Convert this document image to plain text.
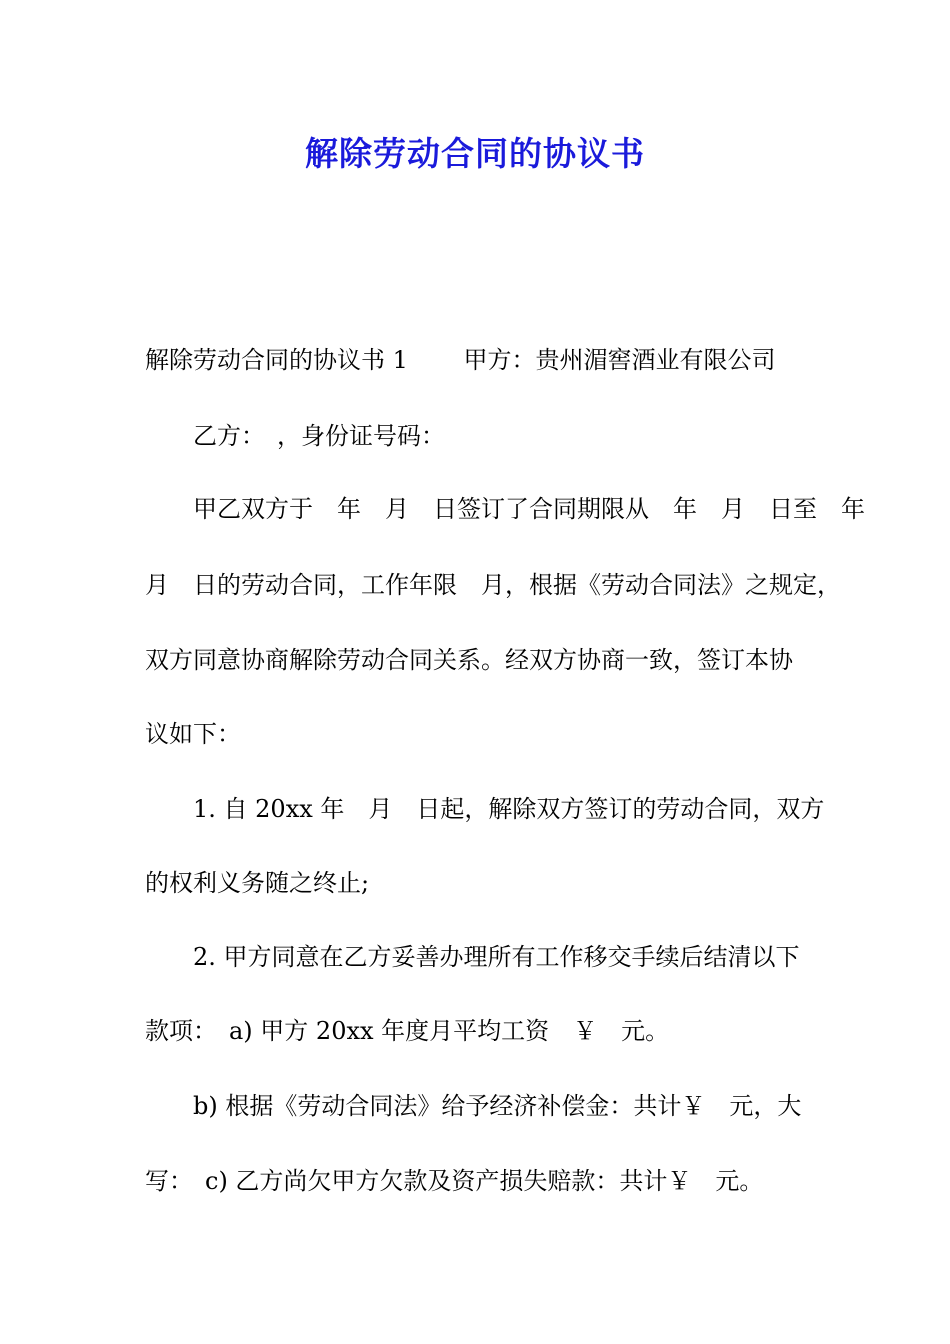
解除劳动合同的协议书
解除劳动合同的协议书 1　　 甲方：贵州湄窖酒业有限公司
　　乙方：　，身份证号码：
　　甲乙双方于　年　月　日签订了合同期限从　年　月　日至　年
月　日的劳动合同，工作年限　月，根据《劳动合同法》之规定，
双方同意协商解除劳动合同关系。经双方协商一致，签订本协
议如下：
　　1. 自 20xx 年　月　日起，解除双方签订的劳动合同，双方
的权利义务随之终止;
　　2. 甲方同意在乙方妥善办理所有工作移交手续后结清以下
款项：　a) 甲方 20xx 年度月平均工资　￥　元。
　　b) 根据《劳动合同法》给予经济补偿金：共计￥　元，大
写：　c) 乙方尚欠甲方欠款及资产损失赔款：共计￥　元。
